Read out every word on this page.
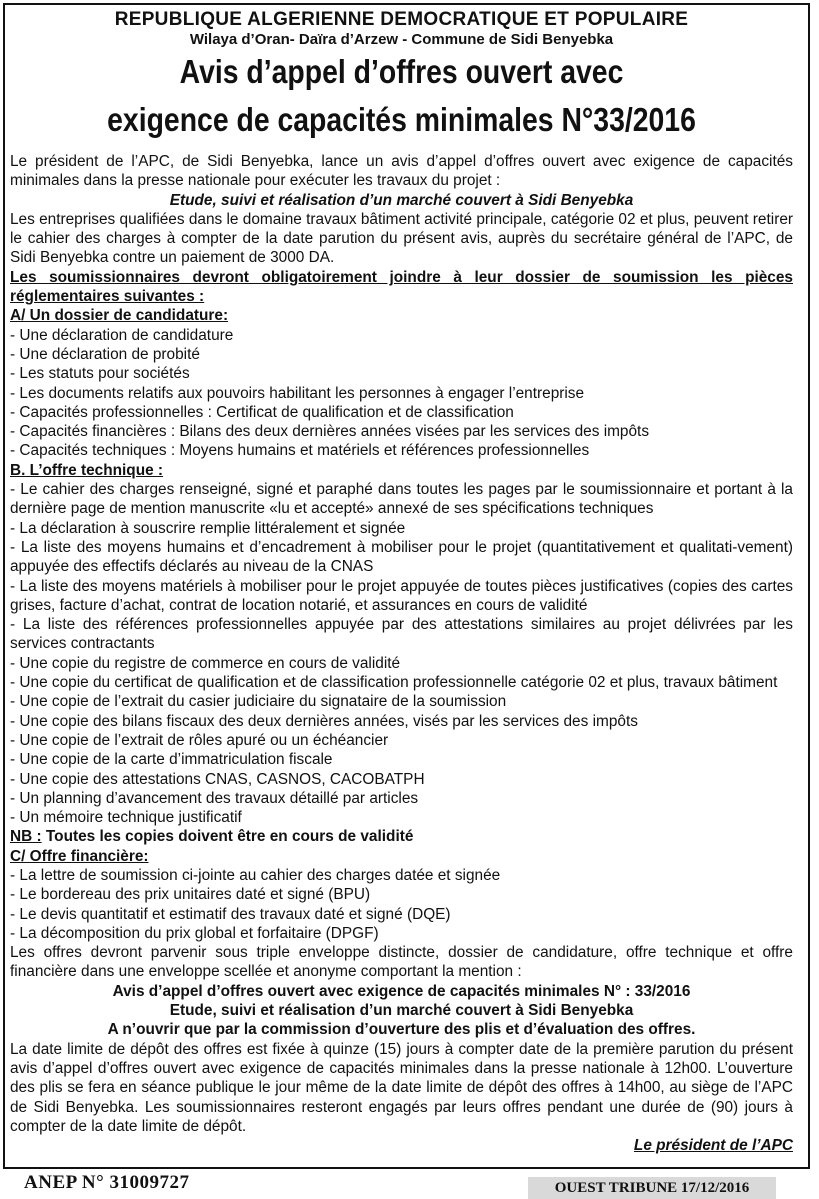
REPUBLIQUE ALGERIENNE DEMOCRATIQUE ET POPULAIRE
Wilaya d’Oran- Daïra d’Arzew - Commune de Sidi Benyebka
Avis d’appel d’offres ouvert avec
exigence de capacités minimales N°33/2016

Le président de l’APC, de Sidi Benyebka, lance un avis d’appel d’offres ouvert avec exigence de capacités minimales dans la presse nationale pour exécuter les travaux du projet :

Etude, suivi et réalisation d’un marché couvert à Sidi Benyebka

Les entreprises qualifiées dans le domaine travaux bâtiment activité principale, catégorie 02 et plus, peuvent retirer le cahier des charges à compter de la date parution du présent avis, auprès du secrétaire général de l’APC, de Sidi Benyebka contre un paiement de 3000 DA.

Les soumissionnaires devront obligatoirement joindre à leur dossier de soumission les pièces réglementaires suivantes :

A/ Un dossier de candidature:

- Une déclaration de candidature
- Une déclaration de probité
- Les statuts pour sociétés
- Les documents relatifs aux pouvoirs habilitant les personnes à engager l’entreprise
- Capacités professionnelles : Certificat de qualification et de classification
- Capacités financières : Bilans des deux dernières années visées par les services des impôts
- Capacités techniques : Moyens humains et matériels et références professionnelles

B. L’offre technique :

- Le cahier des charges renseigné, signé et paraphé dans toutes les pages par le soumissionnaire et portant à la dernière page de mention manuscrite «lu et accepté» annexé de ses spécifications techniques
- La déclaration à souscrire remplie littéralement et signée
- La liste des moyens humains et d’encadrement à mobiliser pour le projet (quantitativement et qualitati-vement) appuyée des effectifs déclarés au niveau de la CNAS
- La liste des moyens matériels à mobiliser pour le projet appuyée de toutes pièces justificatives (copies des cartes grises, facture d’achat, contrat de location notarié, et assurances en cours de validité
- La liste des références professionnelles appuyée par des attestations similaires au projet délivrées par les services contractants
- Une copie du registre de commerce en cours de validité
- Une copie du certificat de qualification et de classification professionnelle catégorie 02 et plus, travaux bâtiment
- Une copie de l’extrait du casier judiciaire du signataire de la soumission
- Une copie des bilans fiscaux des deux dernières années, visés par les services des impôts
- Une copie de l’extrait de rôles apuré ou un échéancier
- Une copie de la carte d’immatriculation fiscale
- Une copie des attestations CNAS, CASNOS, CACOBATPH
- Un planning d’avancement des travaux détaillé par articles
- Un mémoire technique justificatif

NB : Toutes les copies doivent être en cours de validité

C/ Offre financière:

- La lettre de soumission ci-jointe au cahier des charges datée et signée
- Le bordereau des prix unitaires daté et signé (BPU)
- Le devis quantitatif et estimatif des travaux daté et signé (DQE)
- La décomposition du prix global et forfaitaire (DPGF)

Les offres devront parvenir sous triple enveloppe distincte, dossier de candidature, offre technique et offre financière dans une enveloppe scellée et anonyme comportant la mention :

Avis d’appel d’offres ouvert avec exigence de capacités minimales N° : 33/2016

Etude, suivi et réalisation d’un marché couvert à Sidi Benyebka

A n’ouvrir que par la commission d’ouverture des plis et d’évaluation des offres.

La date limite de dépôt des offres est fixée à quinze (15) jours à compter date de la première parution du présent avis d’appel d’offres ouvert avec exigence de capacités minimales dans la presse nationale à 12h00. L’ouverture des plis se fera en séance publique le jour même de la date limite de dépôt des offres à 14h00, au siège de l’APC de Sidi Benyebka. Les soumissionnaires resteront engagés par leurs offres pendant une durée de (90) jours à compter de la date limite de dépôt.

Le président de l’APC

ANEP N° 31009727	OUEST TRIBUNE 17/12/2016
